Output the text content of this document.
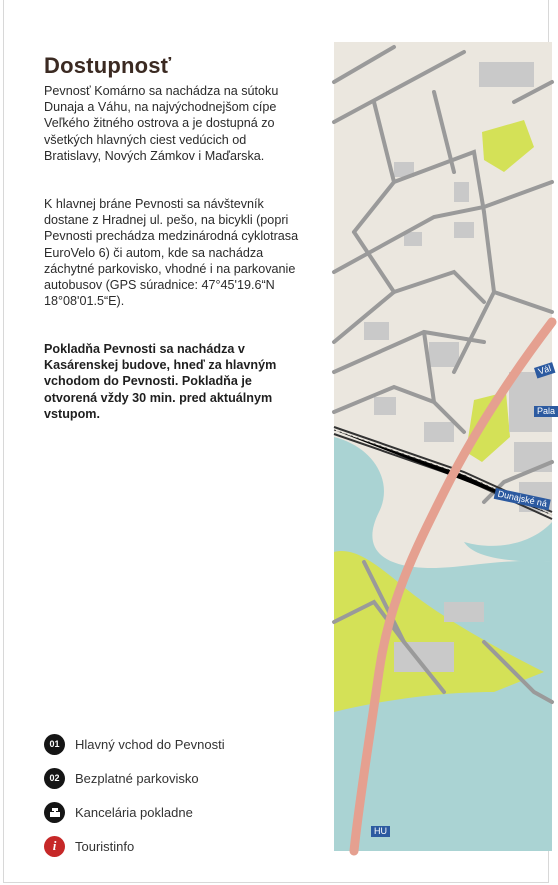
Dostupnosť

Pevnosť Komárno sa nachádza na sútoku Dunaja a Váhu, na najvýchodnejšom cípe Veľkého žitného ostrova a je dostupná zo všetkých hlavných ciest vedúcich od Bratislavy, Nových Zámkov i Maďarska.

K hlavnej bráne Pevnosti sa návštevník dostane z Hradnej ul. pešo, na bicykli (popri Pevnosti prechádza medzinárodná cyklotrasa EuroVelo 6) či autom, kde sa nachádza záchytné parkovisko, vhodné i na parkovanie autobusov (GPS súradnice: 47°45'19.6“N 18°08'01.5“E).

Pokladňa Pevnosti sa nachádza v Kasárenskej budove, hneď za hlavným vchodom do Pevnosti. Pokladňa je otvorená vždy 30 min. pred aktuálnym vstupom.

Vál
Pala
Dunajské ná
HU
01	Hlavný vchod do Pevnosti
02	Bezplatné parkovisko
Kancelária pokladne
i	Touristinfo
